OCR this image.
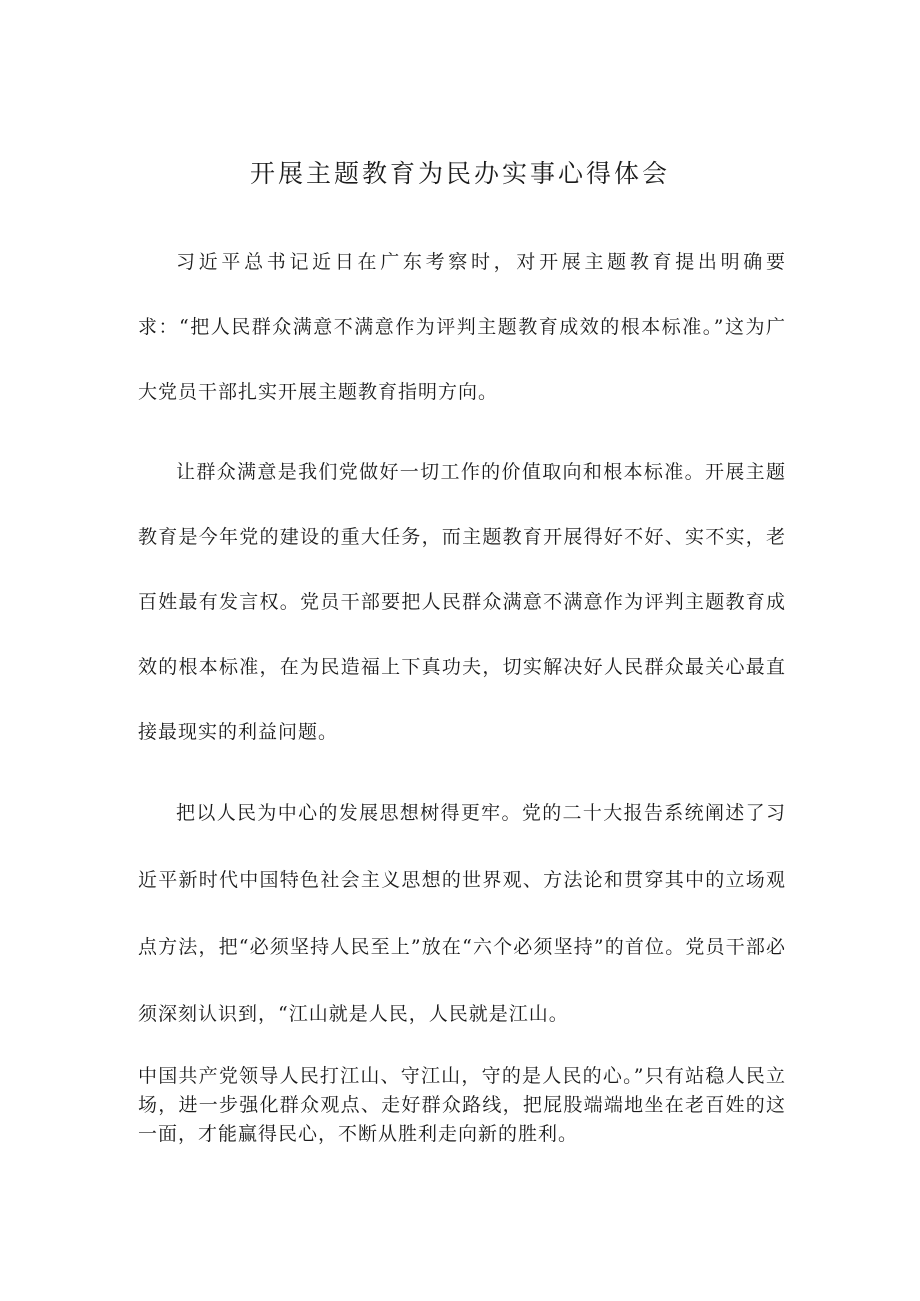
开展主题教育为民办实事心得体会

习近平总书记近日在广东考察时，对开展主题教育提出明确要求：“把人民群众满意不满意作为评判主题教育成效的根本标准。”这为广大党员干部扎实开展主题教育指明方向。

让群众满意是我们党做好一切工作的价值取向和根本标准。开展主题教育是今年党的建设的重大任务，而主题教育开展得好不好、实不实，老百姓最有发言权。党员干部要把人民群众满意不满意作为评判主题教育成效的根本标准，在为民造福上下真功夫，切实解决好人民群众最关心最直接最现实的利益问题。

把以人民为中心的发展思想树得更牢。党的二十大报告系统阐述了习近平新时代中国特色社会主义思想的世界观、方法论和贯穿其中的立场观点方法，把“必须坚持人民至上”放在“六个必须坚持”的首位。党员干部必须深刻认识到，“江山就是人民，人民就是江山。

中国共产党领导人民打江山、守江山，守的是人民的心。”只有站稳人民立场，进一步强化群众观点、走好群众路线，把屁股端端地坐在老百姓的这一面，才能赢得民心，不断从胜利走向新的胜利。
